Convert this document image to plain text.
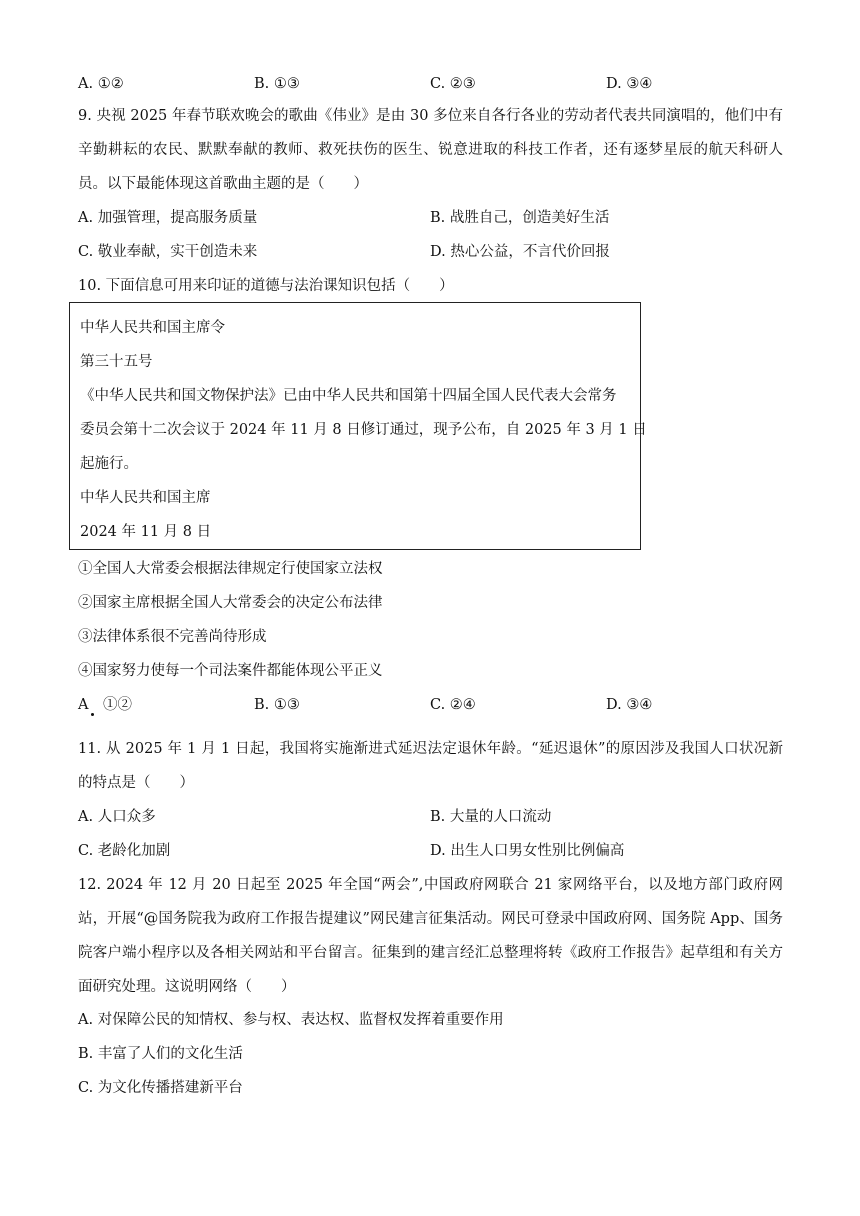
A. ①②	B. ①③	C. ②③	D. ③④
9. 央视 2025 年春节联欢晚会的歌曲《伟业》是由 30 多位来自各行各业的劳动者代表共同演唱的，他们中有辛勤耕耘的农民、默默奉献的教师、救死扶伤的医生、锐意进取的科技工作者，还有逐梦星辰的航天科研人员。以下最能体现这首歌曲主题的是（　　）
A. 加强管理，提高服务质量	B. 战胜自己，创造美好生活
C. 敬业奉献，实干创造未来	D. 热心公益，不言代价回报
10. 下面信息可用来印证的道德与法治课知识包括（　　）
中华人民共和国主席令
第三十五号
《中华人民共和国文物保护法》已由中华人民共和国第十四届全国人民代表大会常务
委员会第十二次会议于 2024 年 11 月 8 日修订通过，现予公布，自 2025 年 3 月 1 日
起施行。
中华人民共和国主席
2024 年 11 月 8 日
①全国人大常委会根据法律规定行使国家立法权
②国家主席根据全国人大常委会的决定公布法律
③法律体系很不完善尚待形成
④国家努力使每一个司法案件都能体现公平正义
A　①②	B. ①③	C. ②④	D. ③④
11. 从 2025 年 1 月 1 日起，我国将实施渐进式延迟法定退休年龄。“延迟退休”的原因涉及我国人口状况新的特点是（　　）
A. 人口众多	B. 大量的人口流动
C. 老龄化加剧	D. 出生人口男女性别比例偏高
12. 2024 年 12 月 20 日起至 2025 年全国“两会”,中国政府网联合 21 家网络平台，以及地方部门政府网站，开展“@国务院我为政府工作报告提建议”网民建言征集活动。网民可登录中国政府网、国务院 App、国务院客户端小程序以及各相关网站和平台留言。征集到的建言经汇总整理将转《政府工作报告》起草组和有关方面研究处理。这说明网络（　　）
A. 对保障公民的知情权、参与权、表达权、监督权发挥着重要作用
B. 丰富了人们的文化生活
C. 为文化传播搭建新平台
